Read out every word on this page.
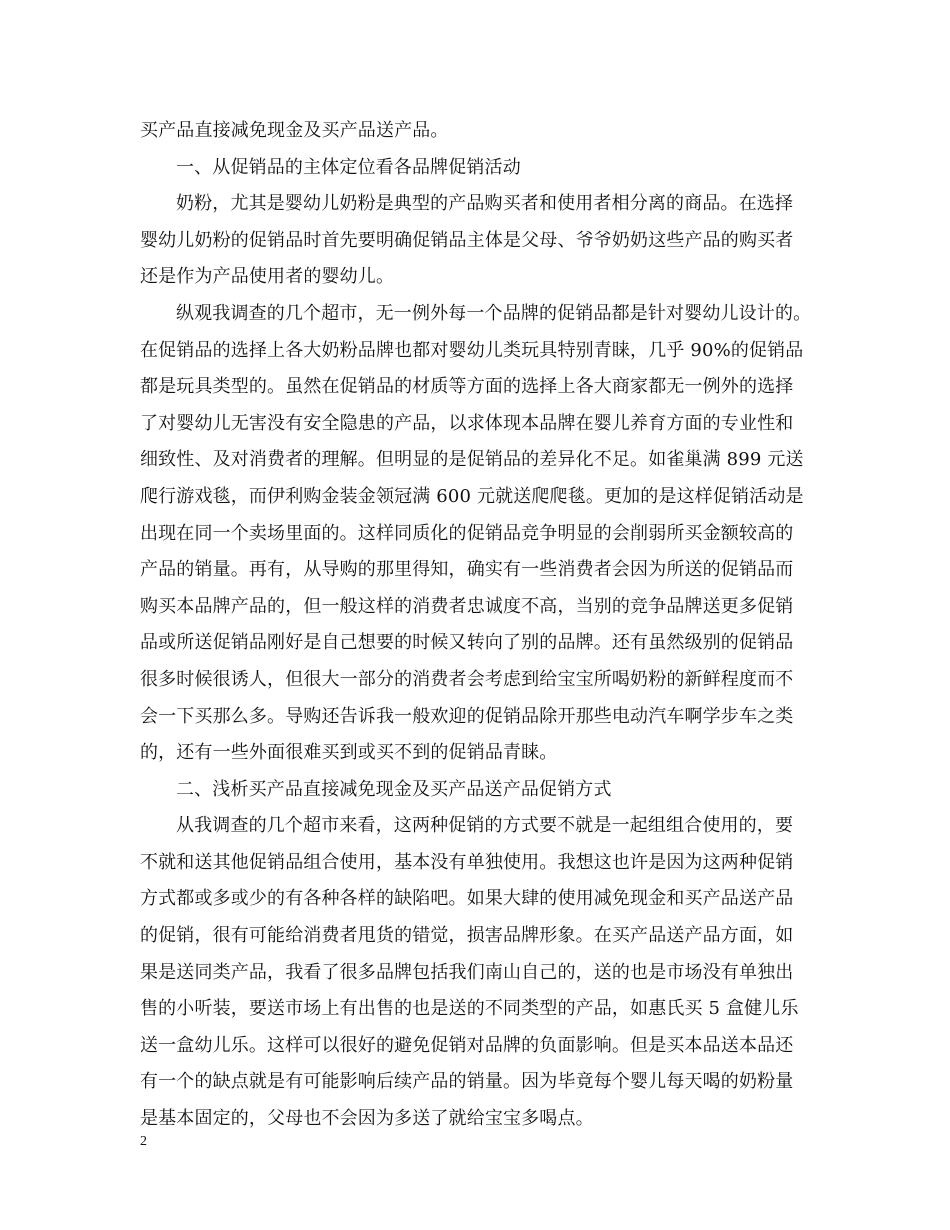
买产品直接减免现金及买产品送产品。
一、从促销品的主体定位看各品牌促销活动
奶粉，尤其是婴幼儿奶粉是典型的产品购买者和使用者相分离的商品。在选择
婴幼儿奶粉的促销品时首先要明确促销品主体是父母、爷爷奶奶这些产品的购买者
还是作为产品使用者的婴幼儿。
纵观我调查的几个超市，无一例外每一个品牌的促销品都是针对婴幼儿设计的。
在促销品的选择上各大奶粉品牌也都对婴幼儿类玩具特别青睐，几乎 90%的促销品
都是玩具类型的。虽然在促销品的材质等方面的选择上各大商家都无一例外的选择
了对婴幼儿无害没有安全隐患的产品，以求体现本品牌在婴儿养育方面的专业性和
细致性、及对消费者的理解。但明显的是促销品的差异化不足。如雀巢满 899 元送
爬行游戏毯，而伊利购金装金领冠满 600 元就送爬爬毯。更加的是这样促销活动是
出现在同一个卖场里面的。这样同质化的促销品竞争明显的会削弱所买金额较高的
产品的销量。再有，从导购的那里得知，确实有一些消费者会因为所送的促销品而
购买本品牌产品的，但一般这样的消费者忠诚度不高，当别的竞争品牌送更多促销
品或所送促销品刚好是自己想要的时候又转向了别的品牌。还有虽然级别的促销品
很多时候很诱人，但很大一部分的消费者会考虑到给宝宝所喝奶粉的新鲜程度而不
会一下买那么多。导购还告诉我一般欢迎的促销品除开那些电动汽车啊学步车之类
的，还有一些外面很难买到或买不到的促销品青睐。
二、浅析买产品直接减免现金及买产品送产品促销方式
从我调查的几个超市来看，这两种促销的方式要不就是一起组组合使用的，要
不就和送其他促销品组合使用，基本没有单独使用。我想这也许是因为这两种促销
方式都或多或少的有各种各样的缺陷吧。如果大肆的使用减免现金和买产品送产品
的促销，很有可能给消费者甩货的错觉，损害品牌形象。在买产品送产品方面，如
果是送同类产品，我看了很多品牌包括我们南山自己的，送的也是市场没有单独出
售的小听装，要送市场上有出售的也是送的不同类型的产品，如惠氏买 5 盒健儿乐
送一盒幼儿乐。这样可以很好的避免促销对品牌的负面影响。但是买本品送本品还
有一个的缺点就是有可能影响后续产品的销量。因为毕竟每个婴儿每天喝的奶粉量
是基本固定的，父母也不会因为多送了就给宝宝多喝点。
2
